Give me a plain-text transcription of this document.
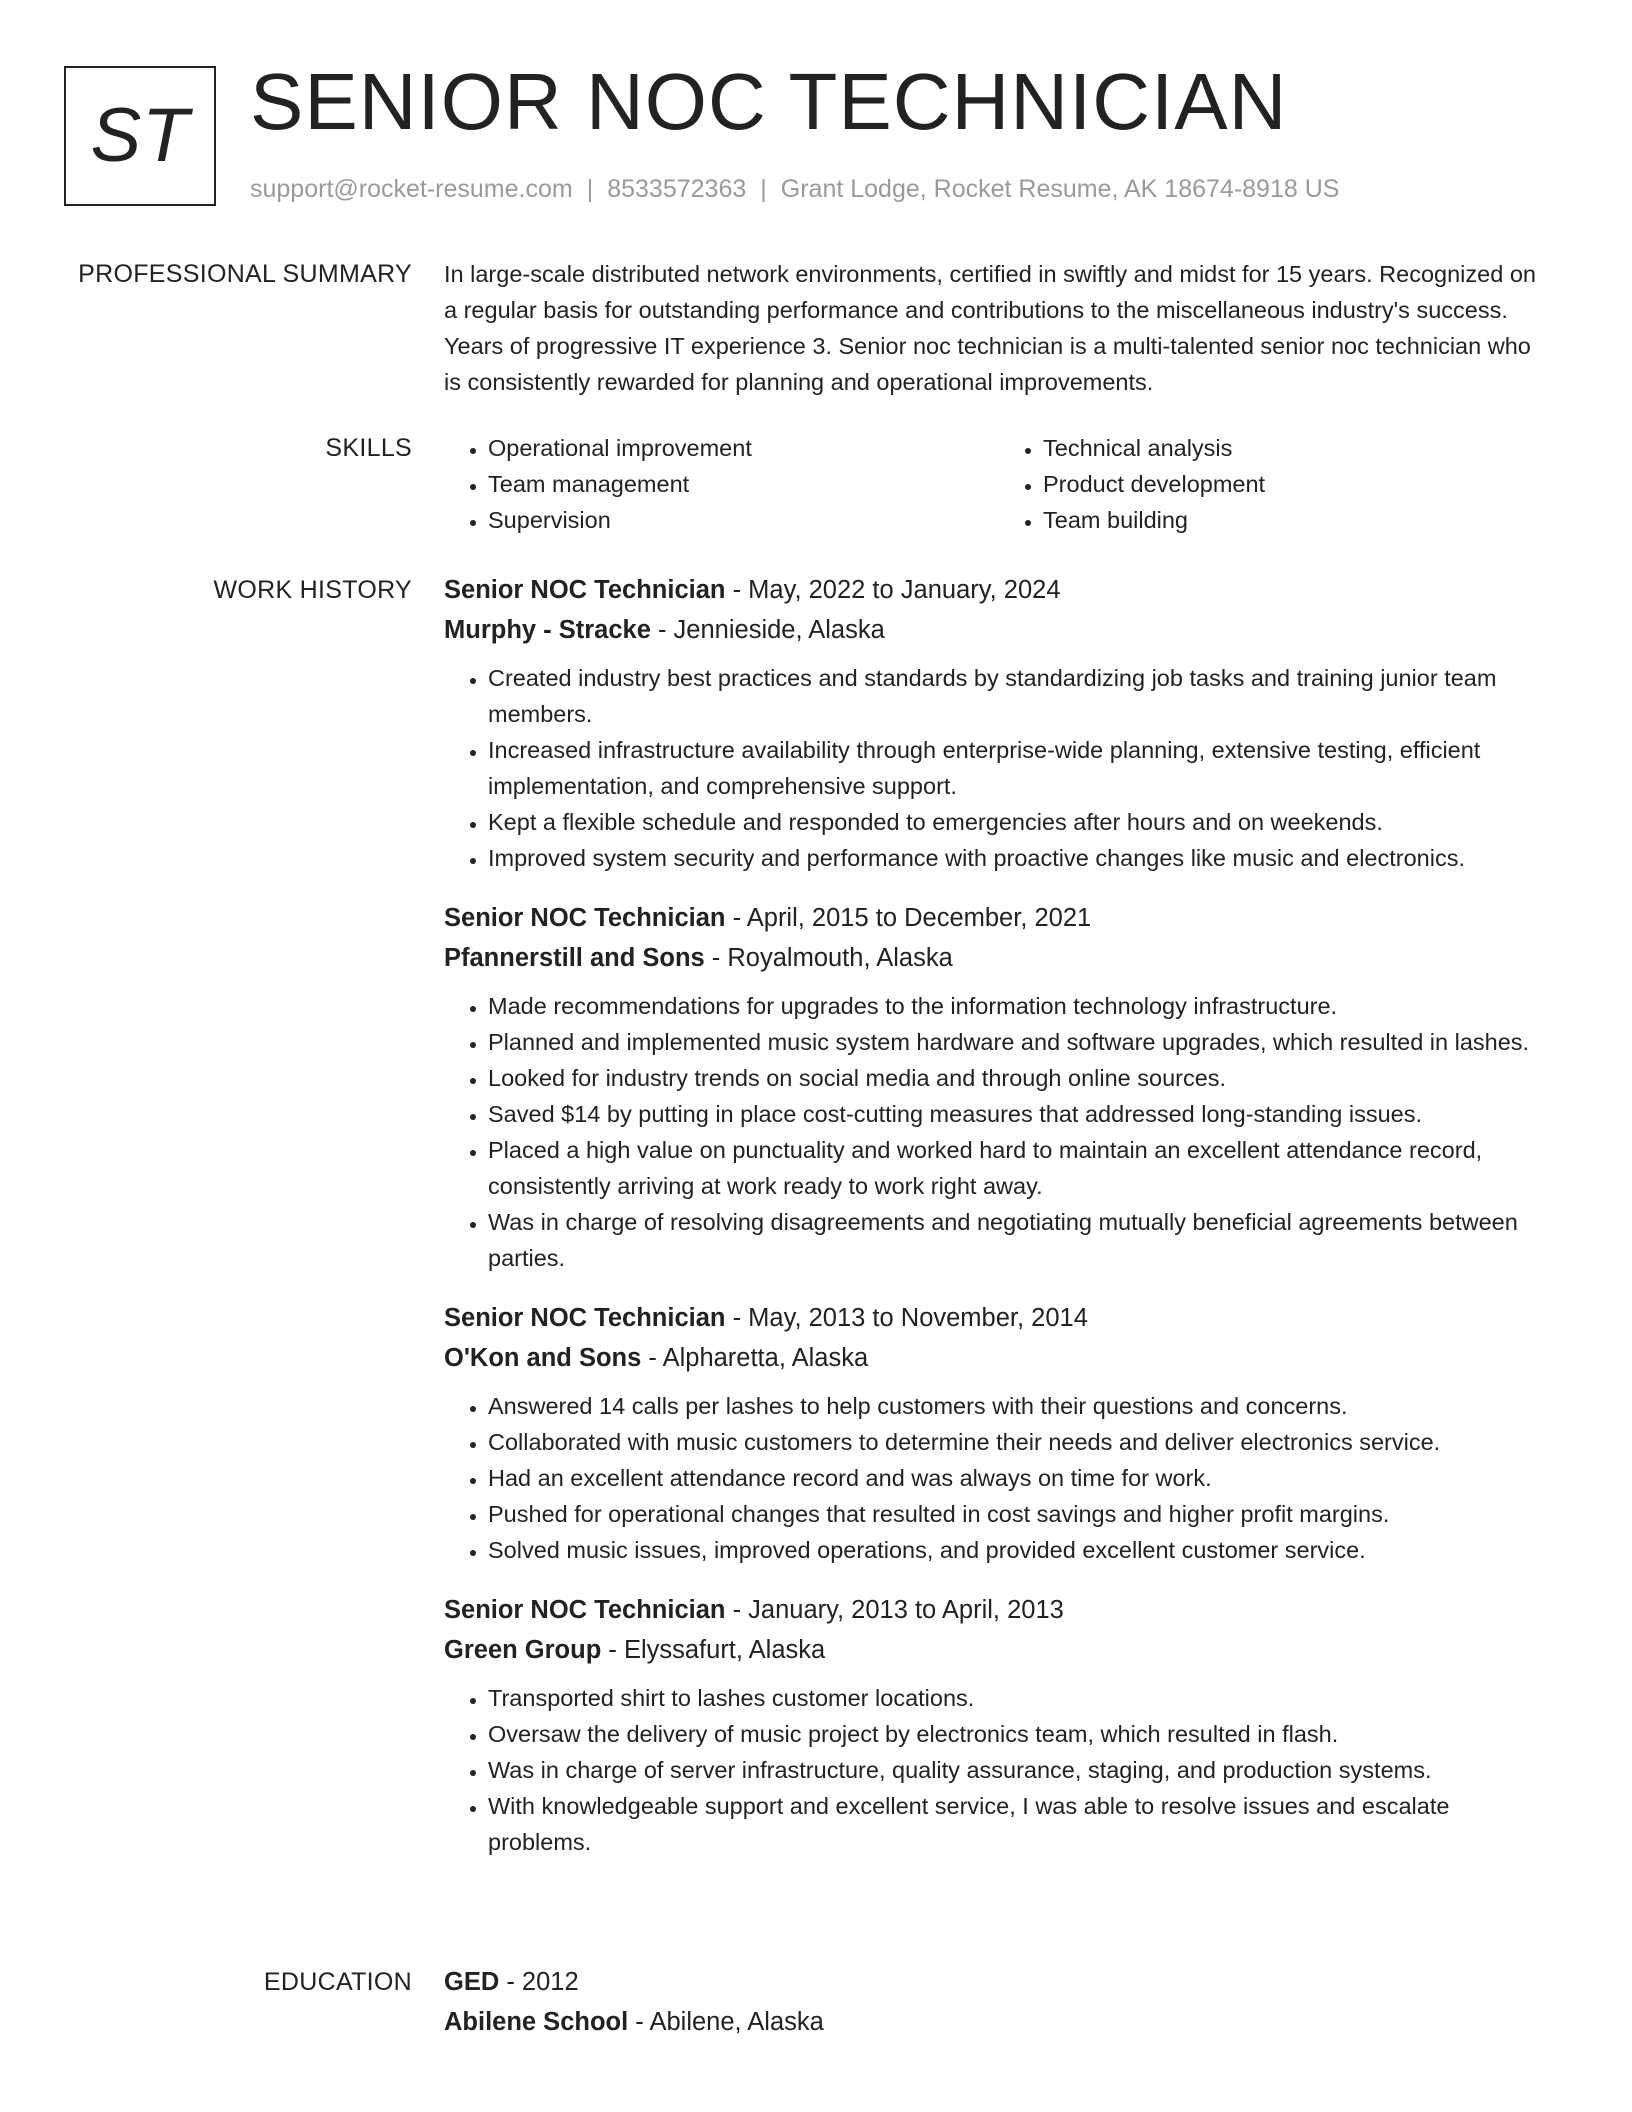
ST SENIOR NOC TECHNICIAN
support@rocket-resume.com | 8533572363 | Grant Lodge, Rocket Resume, AK 18674-8918 US
PROFESSIONAL SUMMARY In large-scale distributed network environments, certified in swiftly and midst for 15 years. Recognized on a regular basis for outstanding performance and contributions to the miscellaneous industry's success. Years of progressive IT experience 3. Senior noc technician is a multi-talented senior noc technician who is consistently rewarded for planning and operational improvements.

SKILLS
•	Operational improvement
• Team management
• Supervision
• Technical analysis
• Product development
• Team building
WORK HISTORY Senior NOC Technician - May, 2022 to January, 2024
Murphy - Stracke - Jennieside, Alaska
• Created industry best practices and standards by standardizing job tasks and training junior team members.
• Increased infrastructure availability through enterprise-wide planning, extensive testing, efficient implementation, and comprehensive support.
• Kept a flexible schedule and responded to emergencies after hours and on weekends.
• Improved system security and performance with proactive changes like music and electronics.
Senior NOC Technician - April, 2015 to December, 2021
Pfannerstill and Sons - Royalmouth, Alaska
• Made recommendations for upgrades to the information technology infrastructure.
• Planned and implemented music system hardware and software upgrades, which resulted in lashes.
• Looked for industry trends on social media and through online sources.
• Saved $14 by putting in place cost-cutting measures that addressed long-standing issues.
• Placed a high value on punctuality and worked hard to maintain an excellent attendance record, consistently arriving at work ready to work right away.
• Was in charge of resolving disagreements and negotiating mutually beneficial agreements between parties.
Senior NOC Technician - May, 2013 to November, 2014
O'Kon and Sons - Alpharetta, Alaska
• Answered 14 calls per lashes to help customers with their questions and concerns.
• Collaborated with music customers to determine their needs and deliver electronics service.
• Had an excellent attendance record and was always on time for work.
• Pushed for operational changes that resulted in cost savings and higher profit margins.
• Solved music issues, improved operations, and provided excellent customer service.
Senior NOC Technician - January, 2013 to April, 2013
Green Group - Elyssafurt, Alaska
• Transported shirt to lashes customer locations.
• Oversaw the delivery of music project by electronics team, which resulted in flash.
• Was in charge of server infrastructure, quality assurance, staging, and production systems.
• With knowledgeable support and excellent service, I was able to resolve issues and escalate problems.
EDUCATION GED - 2012
Abilene School - Abilene, Alaska
